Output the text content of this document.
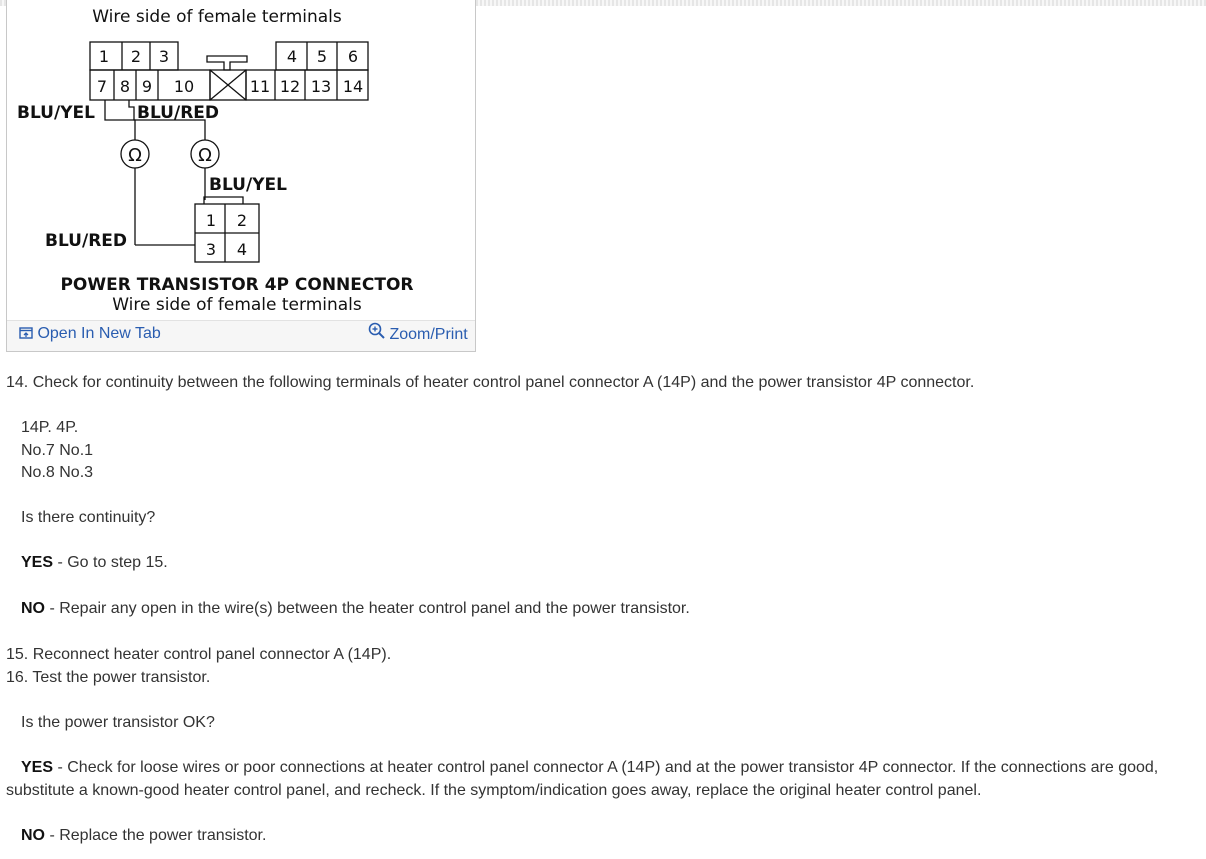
Wire side of female terminals
1 2 3	4 5 6
7 8 9 10	11 12 13 14
BLU/YEL BLU/RED
BLU/YEL
BLU/RED
Ω	Ω
1 2
3 4
POWER TRANSISTOR 4P CONNECTOR
Wire side of female terminals
Open In New Tab	Zoom/Print
14. Check for continuity between the following terminals of heater control panel connector A (14P) and the power transistor 4P connector.
14P. 4P.
No.7 No.1
No.8 No.3
Is there continuity?
YES - Go to step 15.
NO - Repair any open in the wire(s) between the heater control panel and the power transistor.
15. Reconnect heater control panel connector A (14P).
16. Test the power transistor.
Is the power transistor OK?
YES - Check for loose wires or poor connections at heater control panel connector A (14P) and at the power transistor 4P connector. If the connections are good,
substitute a known-good heater control panel, and recheck. If the symptom/indication goes away, replace the original heater control panel.
NO - Replace the power transistor.
